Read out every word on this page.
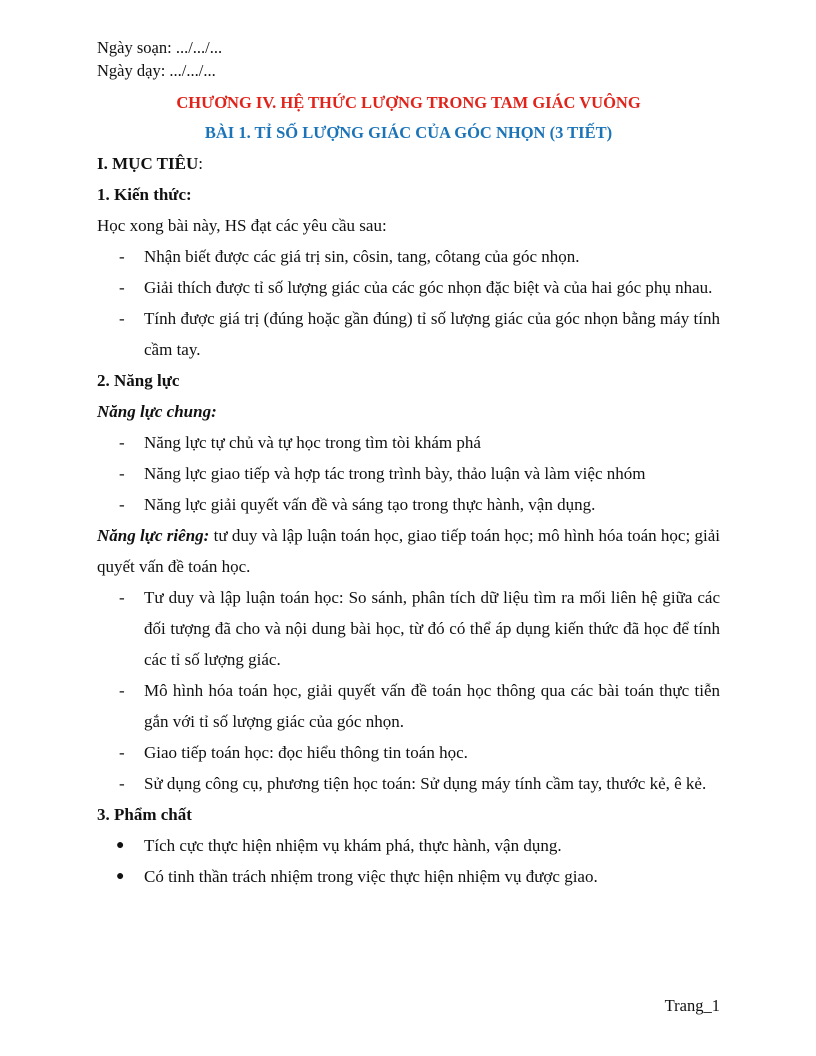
Ngày soạn: .../.../...
Ngày dạy: .../.../...
CHƯƠNG IV. HỆ THỨC LƯỢNG TRONG TAM GIÁC VUÔNG
BÀI 1. TỈ SỐ LƯỢNG GIÁC CỦA GÓC NHỌN (3 TIẾT)
I. MỤC TIÊU:
1. Kiến thức:
Học xong bài này, HS đạt các yêu cầu sau:
- Nhận biết được các giá trị sin, côsin, tang, côtang của góc nhọn.
- Giải thích được tỉ số lượng giác của các góc nhọn đặc biệt và của hai góc phụ nhau.
- Tính được giá trị (đúng hoặc gần đúng) tỉ số lượng giác của góc nhọn bằng máy tính cầm tay.
2. Năng lực
Năng lực chung:
- Năng lực tự chủ và tự học trong tìm tòi khám phá
- Năng lực giao tiếp và hợp tác trong trình bày, thảo luận và làm việc nhóm
- Năng lực giải quyết vấn đề và sáng tạo trong thực hành, vận dụng.
Năng lực riêng: tư duy và lập luận toán học, giao tiếp toán học; mô hình hóa toán học; giải quyết vấn đề toán học.
- Tư duy và lập luận toán học: So sánh, phân tích dữ liệu tìm ra mối liên hệ giữa các đối tượng đã cho và nội dung bài học, từ đó có thể áp dụng kiến thức đã học để tính các tỉ số lượng giác.
- Mô hình hóa toán học, giải quyết vấn đề toán học thông qua các bài toán thực tiễn gắn với tỉ số lượng giác của góc nhọn.
- Giao tiếp toán học: đọc hiểu thông tin toán học.
- Sử dụng công cụ, phương tiện học toán: Sử dụng máy tính cầm tay, thước kẻ, ê kẻ.
3. Phẩm chất
● Tích cực thực hiện nhiệm vụ khám phá, thực hành, vận dụng.
● Có tinh thần trách nhiệm trong việc thực hiện nhiệm vụ được giao.
Trang_1
